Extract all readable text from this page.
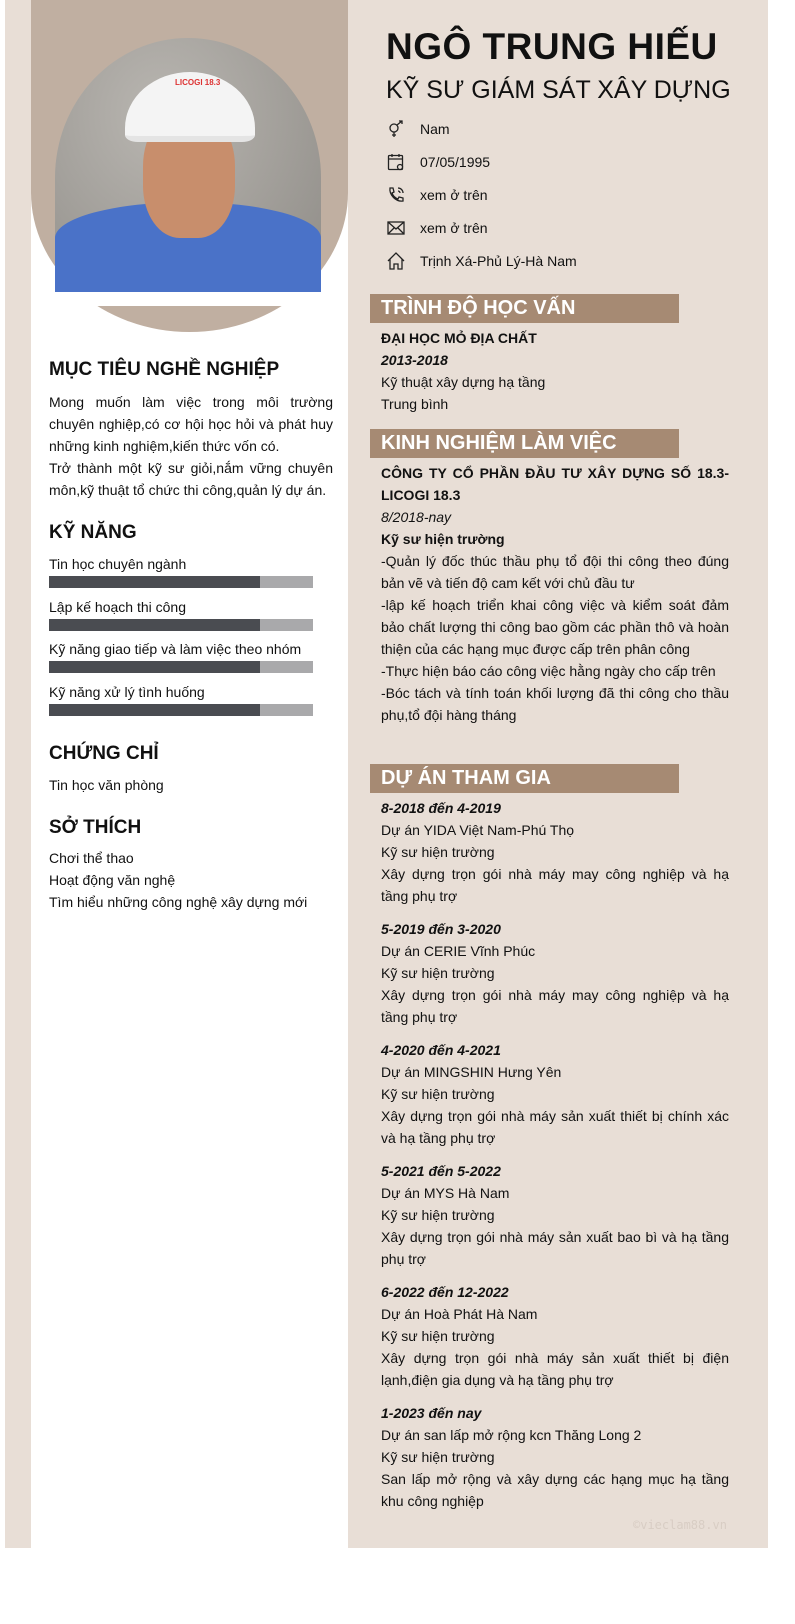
LICOGI 18.3
MỤC TIÊU NGHỀ NGHIỆP
Mong muốn làm việc trong môi trường chuyên nghiệp,có cơ hội học hỏi và phát huy những kinh nghiệm,kiến thức vốn có.
Trở thành một kỹ sư giỏi,nắm vững chuyên môn,kỹ thuật tổ chức thi công,quản lý dự án.
KỸ NĂNG
Tin học chuyên ngành
Lập kế hoạch thi công
Kỹ năng giao tiếp và làm việc theo nhóm
Kỹ năng xử lý tình huống
CHỨNG CHỈ
Tin học văn phòng
SỞ THÍCH
Chơi thể thao
Hoạt động văn nghệ
Tìm hiểu những công nghệ xây dựng mới
NGÔ TRUNG HIẾU
KỸ SƯ GIÁM SÁT XÂY DỰNG
Nam
07/05/1995
xem ở trên
xem ở trên
Trịnh Xá-Phủ Lý-Hà Nam
TRÌNH ĐỘ HỌC VẤN
ĐẠI HỌC MỎ ĐỊA CHẤT
2013-2018
Kỹ thuật xây dựng hạ tầng
Trung bình
KINH NGHIỆM LÀM VIỆC
CÔNG TY CỔ PHẦN ĐẦU TƯ XÂY DỰNG SỐ 18.3-LICOGI 18.3
8/2018-nay
Kỹ sư hiện trường
-Quản lý đốc thúc thầu phụ tổ đội thi công theo đúng bản vẽ và tiến độ cam kết với chủ đầu tư
-lập kế hoạch triển khai công việc và kiểm soát đảm bảo chất lượng thi công bao gồm các phần thô và hoàn thiện của các hạng mục được cấp trên phân công
-Thực hiện báo cáo công việc hằng ngày cho cấp trên
-Bóc tách và tính toán khối lượng đã thi công cho thầu phụ,tổ đội hàng tháng
DỰ ÁN THAM GIA
8-2018 đến 4-2019
Dự án YIDA Việt Nam-Phú Thọ
Kỹ sư hiện trường
Xây dựng trọn gói nhà máy may công nghiệp và hạ tầng phụ trợ
5-2019 đến 3-2020
Dự án CERIE Vĩnh Phúc
Kỹ sư hiện trường
Xây dựng trọn gói nhà máy may công nghiệp và hạ tầng phụ trợ
4-2020 đến 4-2021
Dự án MINGSHIN Hưng Yên
Kỹ sư hiện trường
Xây dựng trọn gói nhà máy sản xuất thiết bị chính xác và hạ tầng phụ trợ
5-2021 đến 5-2022
Dự án MYS Hà Nam
Kỹ sư hiện trường
Xây dựng trọn gói nhà máy sản xuất bao bì và hạ tầng phụ trợ
6-2022 đến 12-2022
Dự án Hoà Phát Hà Nam
Kỹ sư hiện trường
Xây dựng trọn gói nhà máy sản xuất thiết bị điện lạnh,điện gia dụng và hạ tầng phụ trợ
1-2023 đến nay
Dự án san lấp mở rộng kcn Thăng Long 2
Kỹ sư hiện trường
San lấp mở rộng và xây dựng các hạng mục hạ tầng khu công nghiệp
©vieclam88.vn
